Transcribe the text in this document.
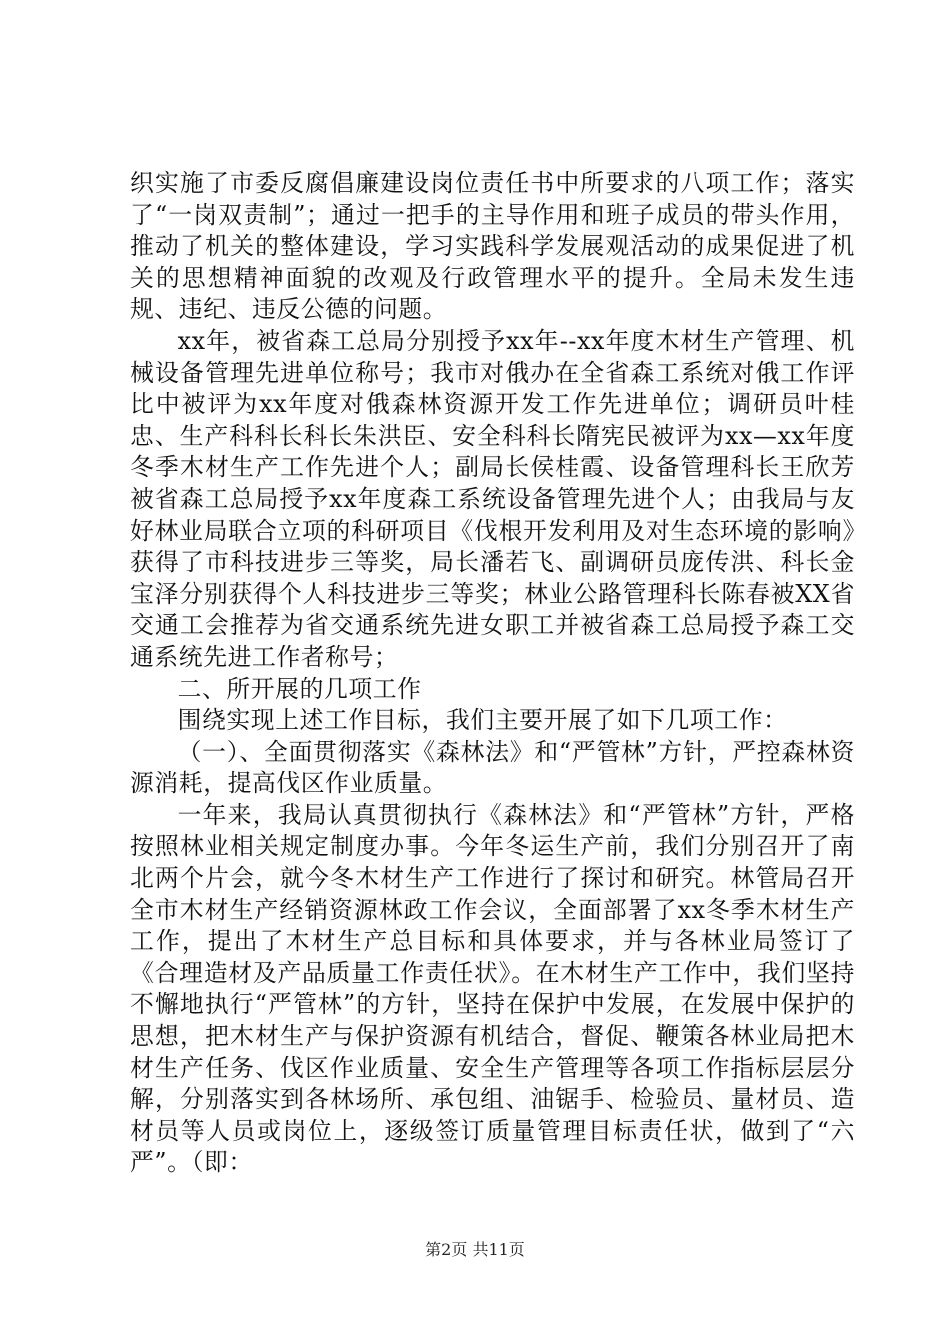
织实施了市委反腐倡廉建设岗位责任书中所要求的八项工作；落实了“一岗双责制”；通过一把手的主导作用和班子成员的带头作用，推动了机关的整体建设，学习实践科学发展观活动的成果促进了机关的思想精神面貌的改观及行政管理水平的提升。全局未发生违规、违纪、违反公德的问题。

xx年，被省森工总局分别授予xx年--xx年度木材生产管理、机械设备管理先进单位称号；我市对俄办在全省森工系统对俄工作评比中被评为xx年度对俄森林资源开发工作先进单位；调研员叶桂忠、生产科科长科长朱洪臣、安全科科长隋宪民被评为xx—xx年度冬季木材生产工作先进个人；副局长侯桂霞、设备管理科长王欣芳被省森工总局授予xx年度森工系统设备管理先进个人；由我局与友好林业局联合立项的科研项目《伐根开发利用及对生态环境的影响》获得了市科技进步三等奖，局长潘若飞、副调研员庞传洪、科长金宝泽分别获得个人科技进步三等奖；林业公路管理科长陈春被XX省交通工会推荐为省交通系统先进女职工并被省森工总局授予森工交通系统先进工作者称号；

二、所开展的几项工作

围绕实现上述工作目标，我们主要开展了如下几项工作：

（一）、全面贯彻落实《森林法》和“严管林”方针，严控森林资源消耗，提高伐区作业质量。

一年来，我局认真贯彻执行《森林法》和“严管林”方针，严格按照林业相关规定制度办事。今年冬运生产前，我们分别召开了南北两个片会，就今冬木材生产工作进行了探讨和研究。林管局召开全市木材生产经销资源林政工作会议，全面部署了xx冬季木材生产工作，提出了木材生产总目标和具体要求，并与各林业局签订了《合理造材及产品质量工作责任状》。在木材生产工作中，我们坚持不懈地执行“严管林”的方针，坚持在保护中发展，在发展中保护的思想，把木材生产与保护资源有机结合，督促、鞭策各林业局把木材生产任务、伐区作业质量、安全生产管理等各项工作指标层层分解，分别落实到各林场所、承包组、油锯手、检验员、量材员、造材员等人员或岗位上，逐级签订质量管理目标责任状，做到了“六严”。（即：

第2页 共11页
